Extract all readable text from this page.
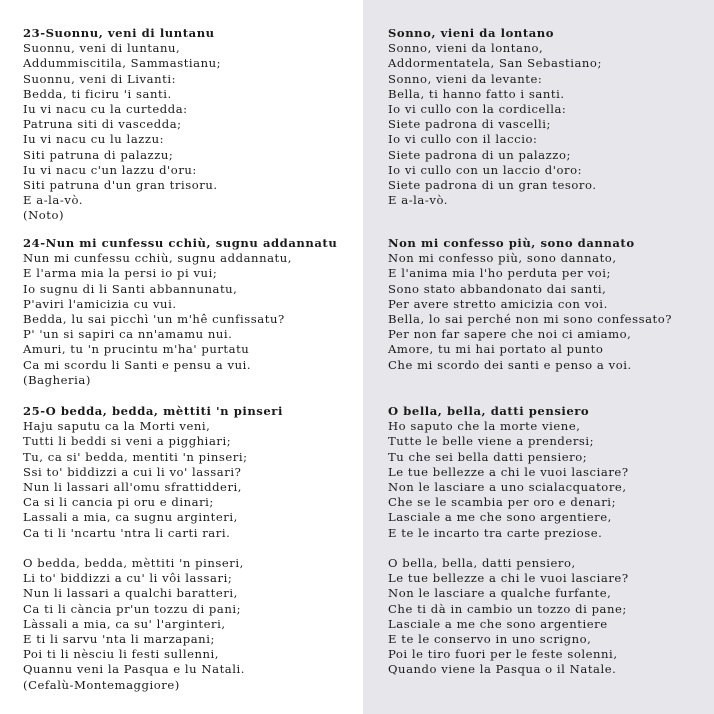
23-Suonnu, veni di luntanu
Suonnu, veni di luntanu,
Addummiscitila, Sammastianu;
Suonnu, veni di Livanti:
Bedda, ti ficiru 'i santi.
Iu vi nacu cu la curtedda:
Patruna siti di vascedda;
Iu vi nacu cu lu lazzu:
Siti patruna di palazzu;
Iu vi nacu c'un lazzu d'oru:
Siti patruna d'un gran trisoru.
E a-la-vò.
(Noto)
24-Nun mi cunfessu cchiù, sugnu addannatu
Nun mi cunfessu cchiù, sugnu addannatu,
E l'arma mia la persi io pi vui;
Io sugnu di li Santi abbannunatu,
P'aviri l'amicizia cu vui.
Bedda, lu sai picchì 'un m'hê cunfissatu?
P' 'un si sapiri ca nn'amamu nui.
Amuri, tu 'n prucintu m'ha' purtatu
Ca mi scordu li Santi e pensu a vui.
(Bagheria)
25-O bedda, bedda, mèttiti 'n pinseri
Haju saputu ca la Morti veni,
Tutti li beddi si veni a pigghiari;
Tu, ca si' bedda, mentiti 'n pinseri;
Ssi to' biddizzi a cui li vo' lassari?
Nun li lassari all'omu sfrattidderi,
Ca si li cancia pi oru e dinari;
Lassali a mia, ca sugnu arginteri,
Ca ti li 'ncartu 'ntra li carti rari.
O bedda, bedda, mèttiti 'n pinseri,
Li to' biddizzi a cu' li vôi lassari;
Nun li lassari a qualchi baratteri,
Ca ti li cància pr'un tozzu di pani;
Làssali a mia, ca su' l'arginteri,
E ti li sarvu 'nta li marzapani;
Poi ti li nèsciu li festi sullenni,
Quannu veni la Pasqua e lu Natali.
(Cefalù-Montemaggiore)
Sonno, vieni da lontano
Sonno, vieni da lontano,
Addormentatela, San Sebastiano;
Sonno, vieni da levante:
Bella, ti hanno fatto i santi.
Io vi cullo con la cordicella:
Siete padrona di vascelli;
Io vi cullo con il laccio:
Siete padrona di un palazzo;
Io vi cullo con un laccio d'oro:
Siete padrona di un gran tesoro.
E a-la-vò.
Non mi confesso più, sono dannato
Non mi confesso più, sono dannato,
E l'anima mia l'ho perduta per voi;
Sono stato abbandonato dai santi,
Per avere stretto amicizia con voi.
Bella, lo sai perché non mi sono confessato?
Per non far sapere che noi ci amiamo,
Amore, tu mi hai portato al punto
Che mi scordo dei santi e penso a voi.
O bella, bella, datti pensiero
Ho saputo che la morte viene,
Tutte le belle viene a prendersi;
Tu che sei bella datti pensiero;
Le tue bellezze a chi le vuoi lasciare?
Non le lasciare a uno scialacquatore,
Che se le scambia per oro e denari;
Lasciale a me che sono argentiere,
E te le incarto tra carte preziose.
O bella, bella, datti pensiero,
Le tue bellezze a chi le vuoi lasciare?
Non le lasciare a qualche furfante,
Che ti dà in cambio un tozzo di pane;
Lasciale a me che sono argentiere
E te le conservo in uno scrigno,
Poi le tiro fuori per le feste solenni,
Quando viene la Pasqua o il Natale.
